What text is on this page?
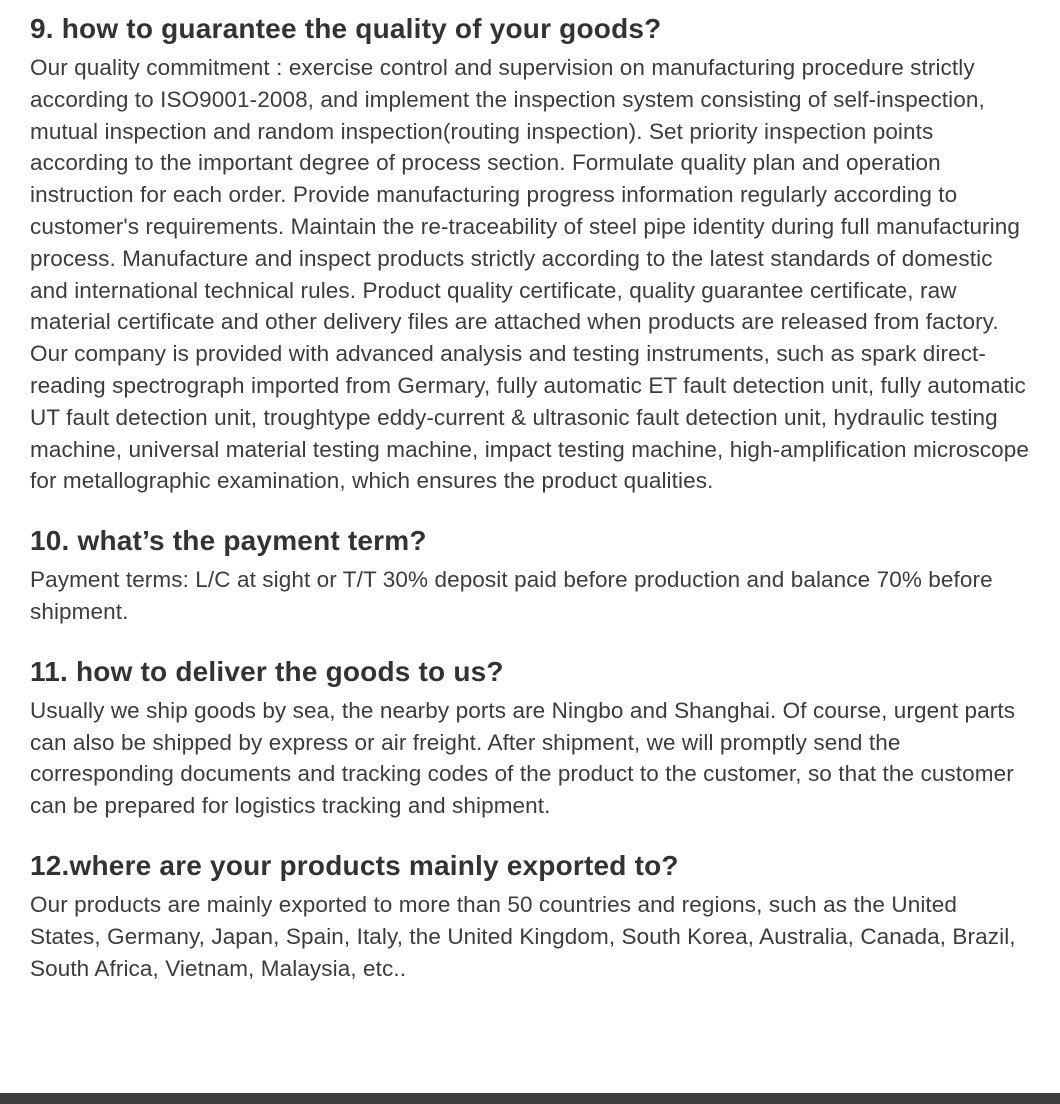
9. how to guarantee the quality of your goods?

Our quality commitment : exercise control and supervision on manufacturing procedure strictly according to ISO9001-2008, and implement the inspection system consisting of self-inspection, mutual inspection and random inspection(routing inspection). Set priority inspection points according to the important degree of process section. Formulate quality plan and operation instruction for each order. Provide manufacturing progress information regularly according to customer's requirements. Maintain the re-traceability of steel pipe identity during full manufacturing process. Manufacture and inspect products strictly according to the latest standards of domestic and international technical rules. Product quality certificate, quality guarantee certificate, raw material certificate and other delivery files are attached when products are released from factory.

Our company is provided with advanced analysis and testing instruments, such as spark direct-reading spectrograph imported from Germary, fully automatic ET fault detection unit, fully automatic UT fault detection unit, troughtype eddy-current & ultrasonic fault detection unit, hydraulic testing machine, universal material testing machine, impact testing machine, high-amplification microscope for metallographic examination, which ensures the product qualities.

10. what’s the payment term?

Payment terms: L/C at sight or T/T 30% deposit paid before production and balance 70% before shipment.

11. how to deliver the goods to us?

Usually we ship goods by sea, the nearby ports are Ningbo and Shanghai. Of course, urgent parts can also be shipped by express or air freight. After shipment, we will promptly send the corresponding documents and tracking codes of the product to the customer, so that the customer can be prepared for logistics tracking and shipment.

12.where are your products mainly exported to?

Our products are mainly exported to more than 50 countries and regions, such as the United States, Germany, Japan, Spain, Italy, the United Kingdom, South Korea, Australia, Canada, Brazil, South Africa, Vietnam, Malaysia, etc..
